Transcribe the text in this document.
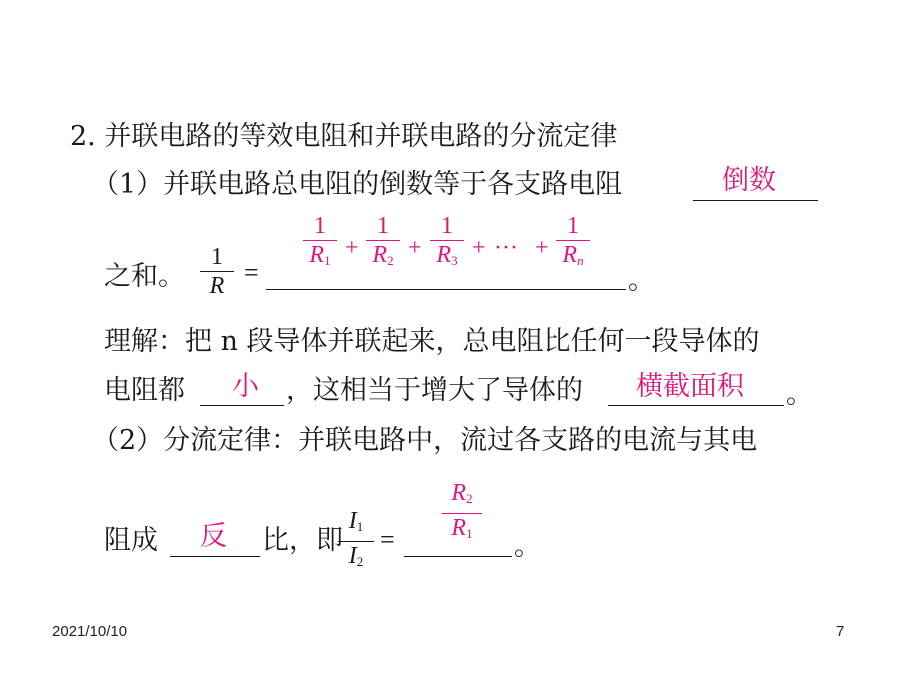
2. 并联电路的等效电阻和并联电路的分流定律
（1）并联电路总电阻的倒数等于各支路电阻	倒数
之和。
1
R =
1
$R_1$ +
1
$R_2$ +
1
$R_3$ + ··· +
1
$R_n$
。
理解：把 n 段导体并联起来，总电阻比任何一段导体的
电阻都 小 ，这相当于增大了导体的 横截面积 。
（2）分流定律：并联电路中，流过各支路的电流与其电
阻成 反 比，即
$I_1$
$I_2$
=
$R_2$
$R_1$	。
2021/10/10	7
